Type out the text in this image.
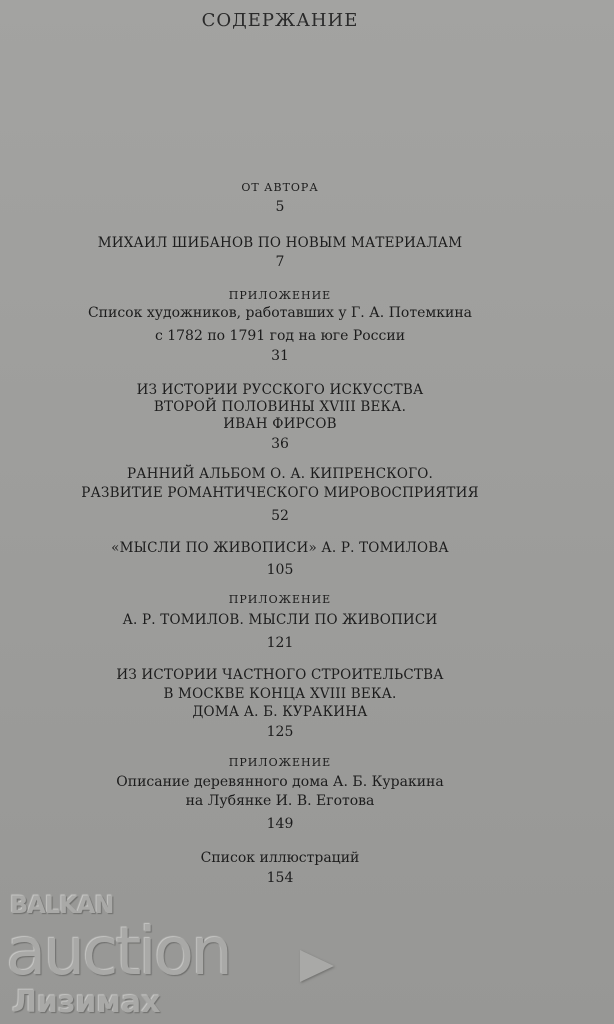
СОДЕРЖАНИЕ
ОТ АВТОРА
5
МИХАИЛ ШИБАНОВ ПО НОВЫМ МАТЕРИАЛАМ
7
ПРИЛОЖЕНИЕ
Список художников, работавших у Г. А. Потемкина
с 1782 по 1791 год на юге России
31
ИЗ ИСТОРИИ РУССКОГО ИСКУССТВА
ВТОРОЙ ПОЛОВИНЫ XVIII ВЕКА.
ИВАН ФИРСОВ
36
РАННИЙ АЛЬБОМ О. А. КИПРЕНСКОГО.
РАЗВИТИЕ РОМАНТИЧЕСКОГО МИРОВОСПРИЯТИЯ
52
«МЫСЛИ ПО ЖИВОПИСИ» А. Р. ТОМИЛОВА
105
ПРИЛОЖЕНИЕ
А. Р. ТОМИЛОВ. МЫСЛИ ПО ЖИВОПИСИ
121
ИЗ ИСТОРИИ ЧАСТНОГО СТРОИТЕЛЬСТВА
В МОСКВЕ КОНЦА XVIII ВЕКА.
ДОМА А. Б. КУРАКИНА
125
ПРИЛОЖЕНИЕ
Описание деревянного дома А. Б. Куракина
на Лубянке И. В. Еготова
149
Список иллюстраций
154
BALKAN
auction
Лизимах
